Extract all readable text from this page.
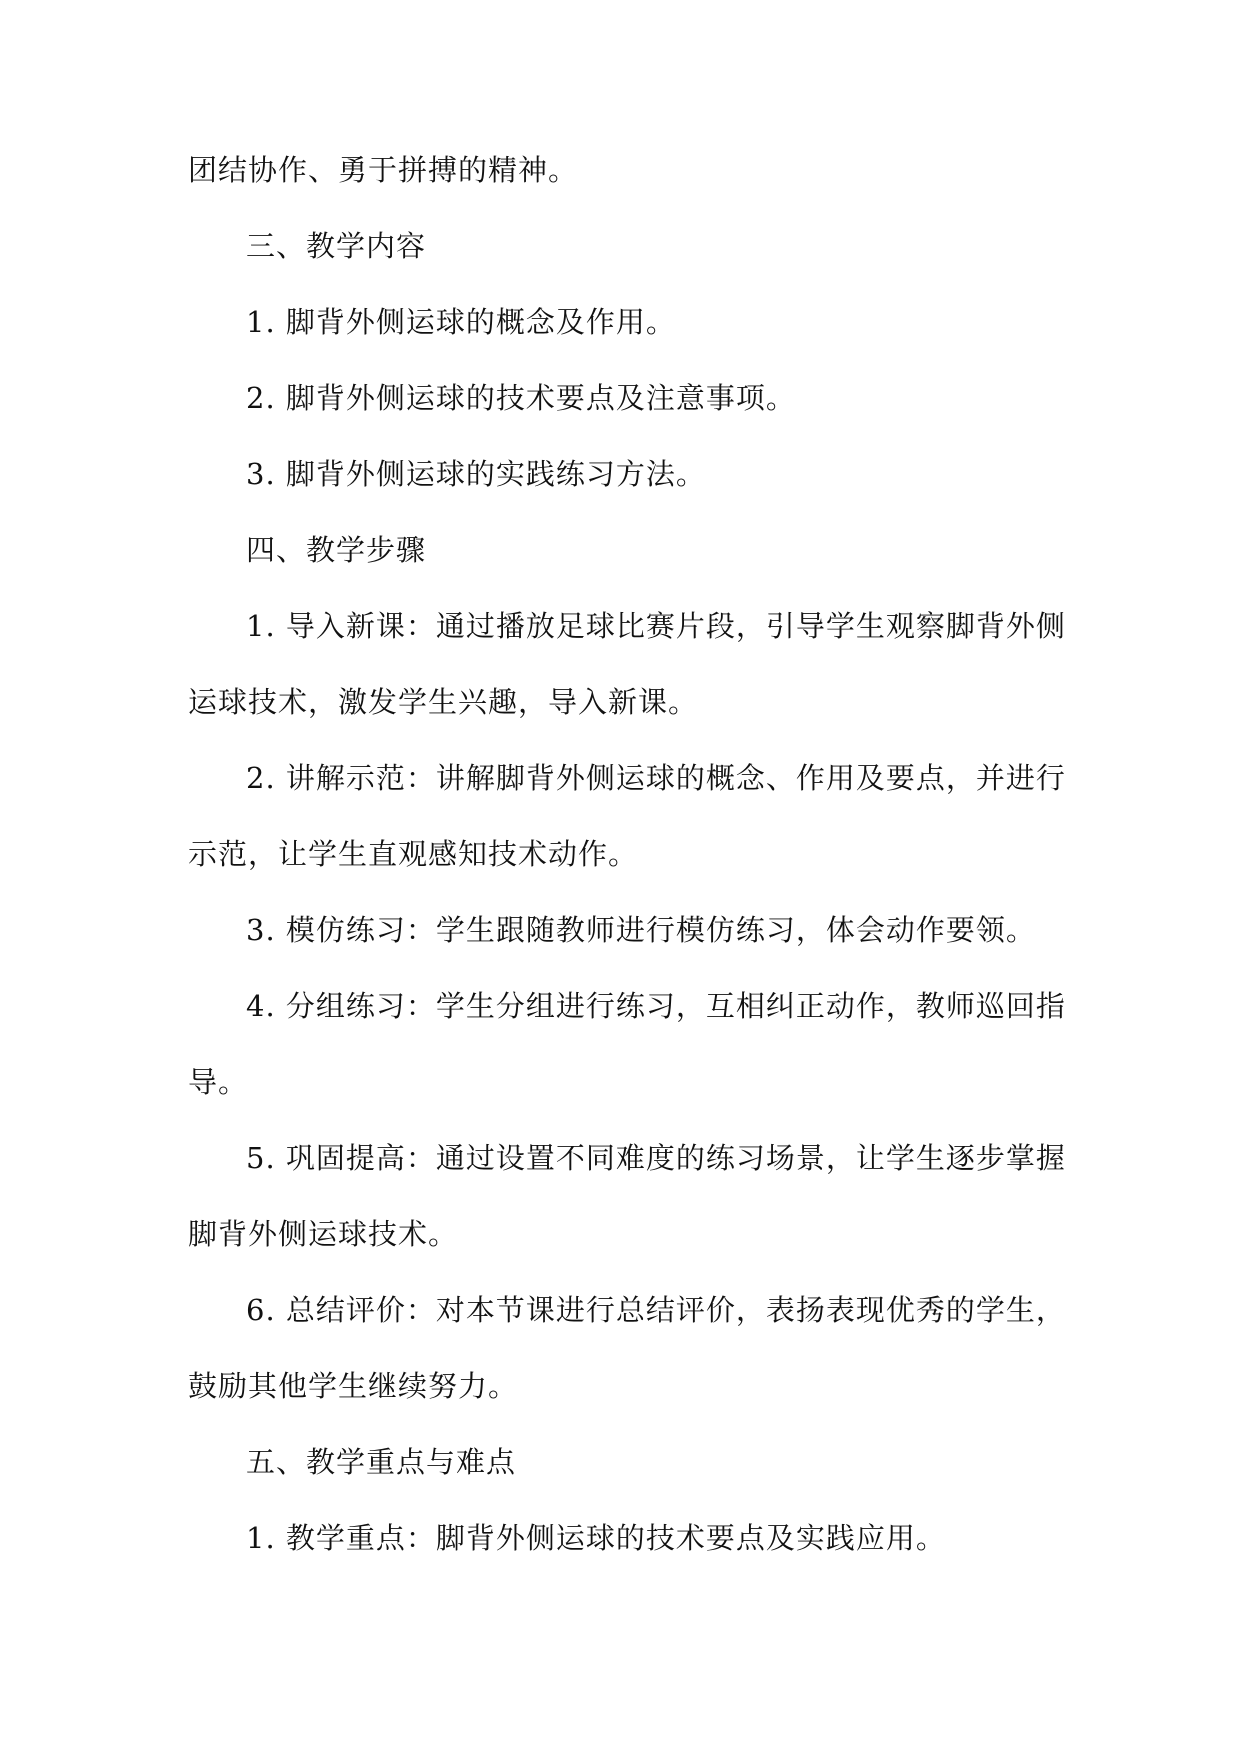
团结协作、勇于拼搏的精神。
三、教学内容
1. 脚背外侧运球的概念及作用。
2. 脚背外侧运球的技术要点及注意事项。
3. 脚背外侧运球的实践练习方法。
四、教学步骤
1. 导入新课：通过播放足球比赛片段，引导学生观察脚背外侧
运球技术，激发学生兴趣，导入新课。
2. 讲解示范：讲解脚背外侧运球的概念、作用及要点，并进行
示范，让学生直观感知技术动作。
3. 模仿练习：学生跟随教师进行模仿练习，体会动作要领。
4. 分组练习：学生分组进行练习，互相纠正动作，教师巡回指
导。
5. 巩固提高：通过设置不同难度的练习场景，让学生逐步掌握
脚背外侧运球技术。
6. 总结评价：对本节课进行总结评价，表扬表现优秀的学生，
鼓励其他学生继续努力。
五、教学重点与难点
1. 教学重点：脚背外侧运球的技术要点及实践应用。
